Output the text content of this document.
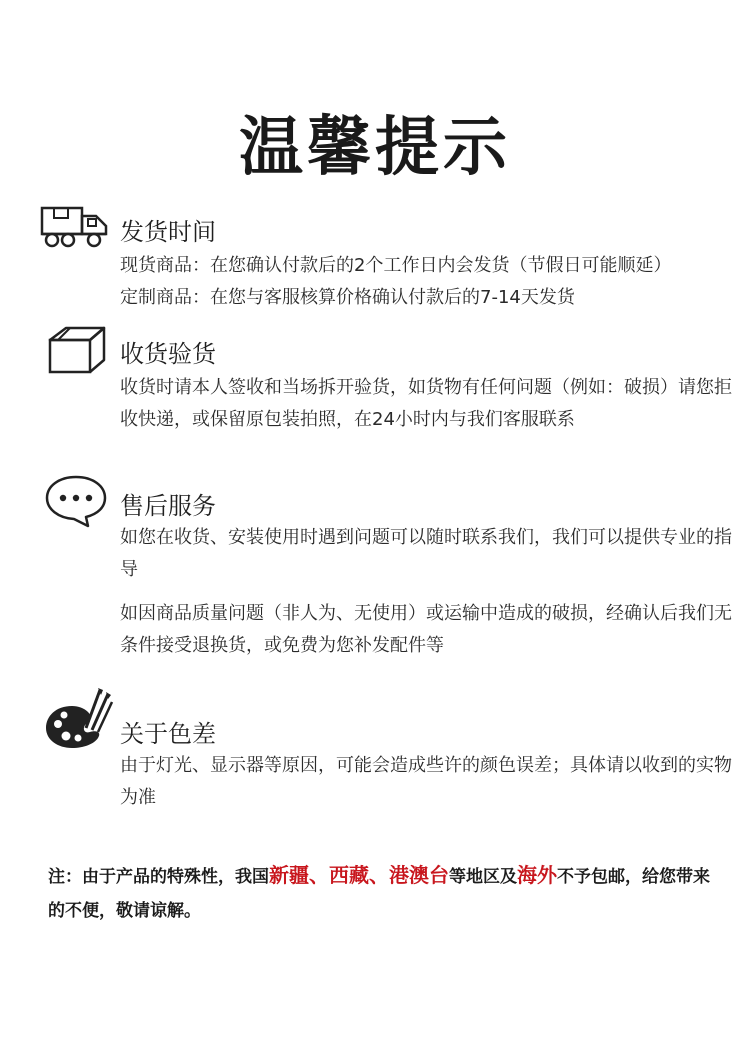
温馨提示
发货时间
现货商品：在您确认付款后的2个工作日内会发货（节假日可能顺延）
定制商品：在您与客服核算价格确认付款后的7-14天发货
收货验货
收货时请本人签收和当场拆开验货，如货物有任何问题（例如：破损）请您拒收快递，或保留原包装拍照，在24小时内与我们客服联系
售后服务
如您在收货、安装使用时遇到问题可以随时联系我们，我们可以提供专业的指导
如因商品质量问题（非人为、无使用）或运输中造成的破损，经确认后我们无条件接受退换货，或免费为您补发配件等
关于色差
由于灯光、显示器等原因，可能会造成些许的颜色误差；具体请以收到的实物为准
注：由于产品的特殊性，我国新疆、西藏、港澳台等地区及海外不予包邮，给您带来的不便，敬请谅解。
